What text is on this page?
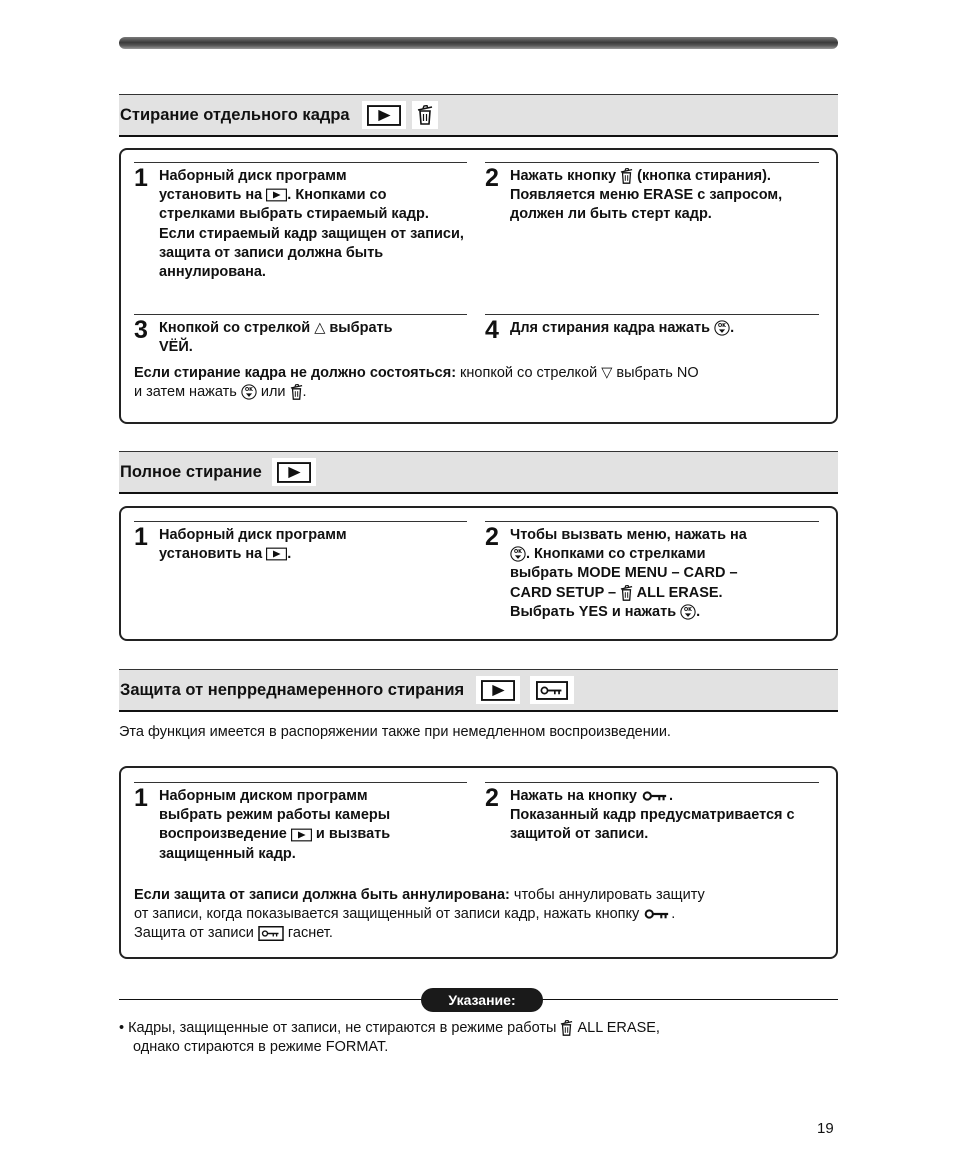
Стирание отдельного кадра
1 Наборный диск программ
установить на . Кнопками со стрелками выбрать стираемый кадр. Если стираемый кадр защищен от записи, защита от записи должна быть аннулирована.
2 Нажать кнопку (кнопка стирания). Появляется меню ERASE с запросом, должен ли быть стерт кадр.
3 Кнопкой со стрелкой △ выбрать
VЁЙ.
4 Для стирания кадра нажать .
Если стирание кадра не должно состояться: кнопкой со стрелкой ▽ выбрать NO
и затем нажать или .
Полное стирание
1 Наборный диск программ
установить на .
2 Чтобы вызвать меню, нажать на
. Кнопками со стрелками
выбрать MODE MENU – CARD –
CARD SETUP – ALL ERASE.
Выбрать YES и нажать .
Защита от непрреднамеренного стирания
Эта функция имеется в распоряжении также при немедленном воспроизведении.
1 Наборным диском программ
выбрать режим работы камеры
воспроизведение и вызвать
защищенный кадр.
2 Нажать на кнопку .
Показанный кадр предусматривается с защитой от записи.
Если защита от записи должна быть аннулирована: чтобы аннулировать защиту
от записи, когда показывается защищенный от записи кадр, нажать кнопку .
Защита от записи гаснет.
Указание:
• Кадры, защищенные от записи, не стираются в режиме работы ALL ERASE,
однако стираются в режиме FORMAT.
19
